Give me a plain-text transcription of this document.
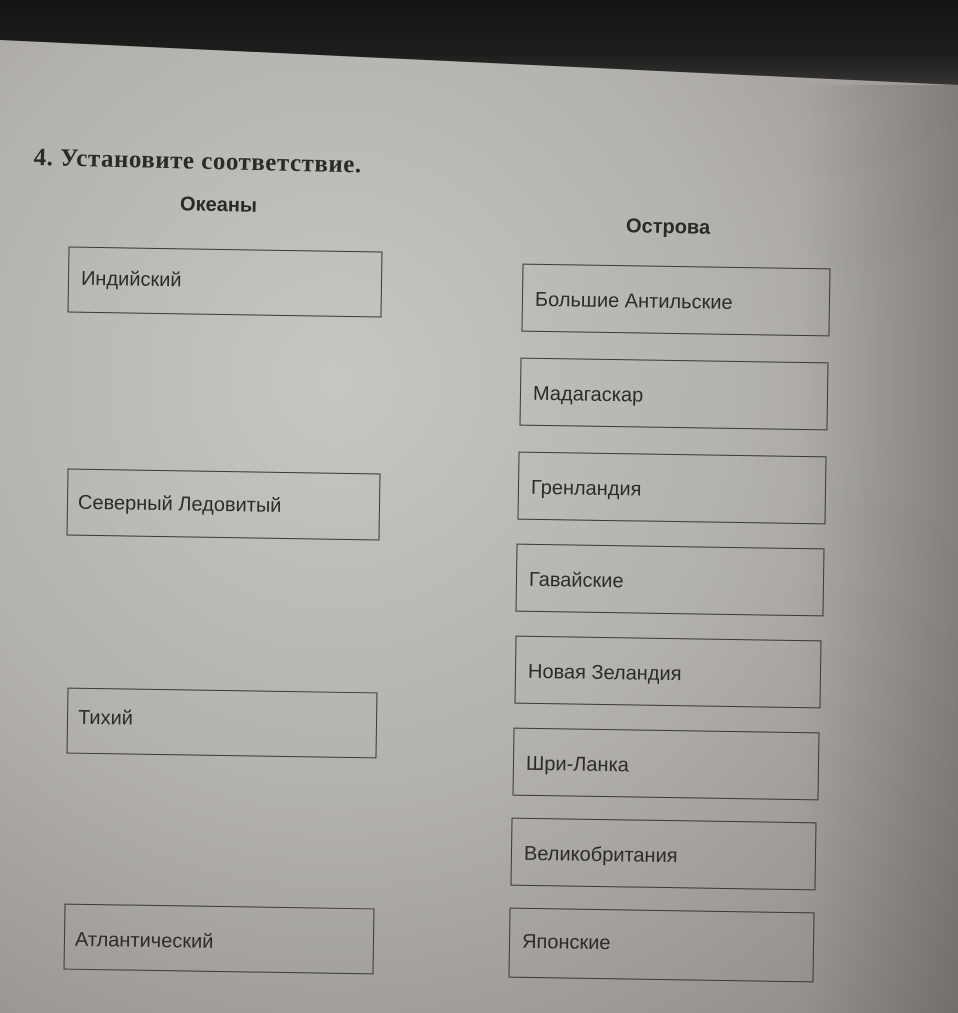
4. Установите соответствие.
Океаны
Острова
Индийский
Северный Ледовитый
Тихий
Атлантический
Большие Антильские
Мадагаскар
Гренландия
Гавайские
Новая Зеландия
Шри-Ланка
Великобритания
Японские
